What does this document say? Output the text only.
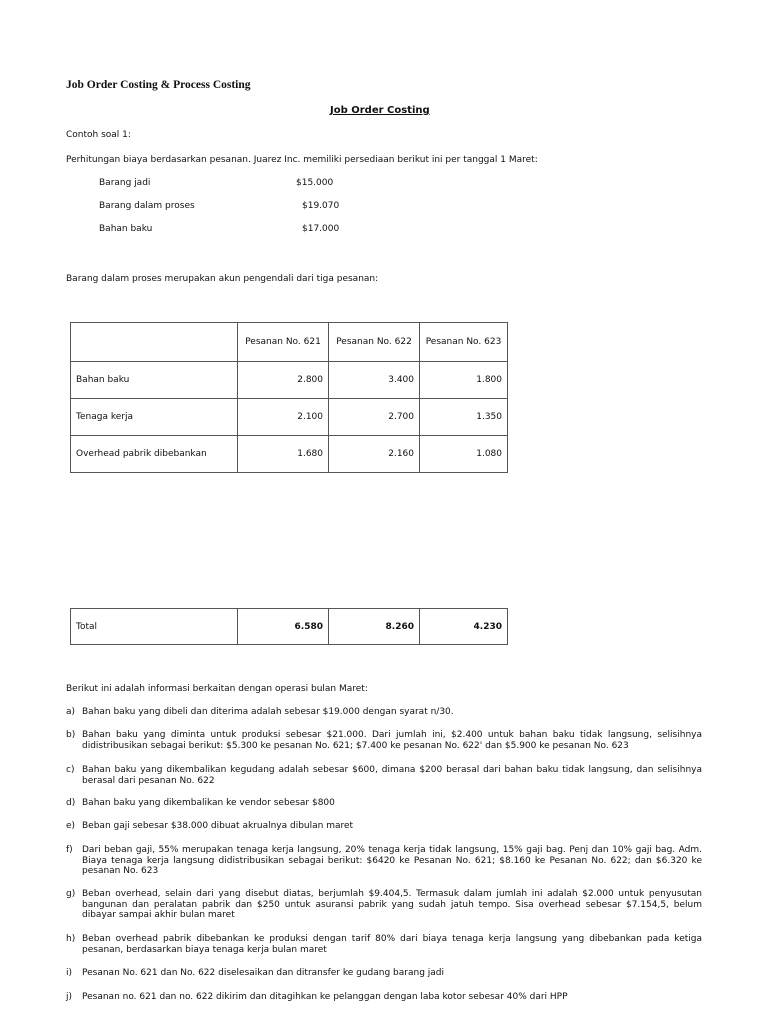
Job Order Costing & Process Costing
Job Order Costing
Contoh soal 1:
Perhitungan biaya berdasarkan pesanan. Juarez Inc. memiliki persediaan berikut ini per tanggal 1 Maret:
Barang jadi	$15.000
Barang dalam proses	$19.070
Bahan baku	$17.000
Barang dalam proses merupakan akun pengendali dari tiga pesanan:
	Pesanan No. 621	Pesanan No. 622	Pesanan No. 623
Bahan baku	2.800	3.400	1.800
Tenaga kerja	2.100	2.700	1.350
Overhead pabrik dibebankan	1.680	2.160	1.080
Total	6.580	8.260	4.230
Berikut ini adalah informasi berkaitan dengan operasi bulan Maret:
a) Bahan baku yang dibeli dan diterima adalah sebesar $19.000 dengan syarat n/30.
b) Bahan baku yang diminta untuk produksi sebesar $21.000. Dari jumlah ini, $2.400 untuk bahan baku tidak langsung, selisihnya didistribusikan sebagai berikut: $5.300 ke pesanan No. 621; $7.400 ke pesanan No. 622' dan $5.900 ke pesanan No. 623
c) Bahan baku yang dikembalikan kegudang adalah sebesar $600, dimana $200 berasal dari bahan baku tidak langsung, dan selisihnya berasal dari pesanan No. 622
d) Bahan baku yang dikembalikan ke vendor sebesar $800
e) Beban gaji sebesar $38.000 dibuat akrualnya dibulan maret
f) Dari beban gaji, 55% merupakan tenaga kerja langsung, 20% tenaga kerja tidak langsung, 15% gaji bag. Penj dan 10% gaji bag. Adm. Biaya tenaga kerja langsung didistribusikan sebagai berikut: $6420 ke Pesanan No. 621; $8.160 ke Pesanan No. 622; dan $6.320 ke pesanan No. 623
g) Beban overhead, selain dari yang disebut diatas, berjumlah $9.404,5. Termasuk dalam jumlah ini adalah $2.000 untuk penyusutan bangunan dan peralatan pabrik dan $250 untuk asuransi pabrik yang sudah jatuh tempo. Sisa overhead sebesar $7.154,5, belum dibayar sampai akhir bulan maret
h) Beban overhead pabrik dibebankan ke produksi dengan tarif 80% dari biaya tenaga kerja langsung yang dibebankan pada ketiga pesanan, berdasarkan biaya tenaga kerja bulan maret
i) Pesanan No. 621 dan No. 622 diselesaikan dan ditransfer ke gudang barang jadi
j) Pesanan no. 621 dan no. 622 dikirim dan ditagihkan ke pelanggan dengan laba kotor sebesar 40% dari HPP
